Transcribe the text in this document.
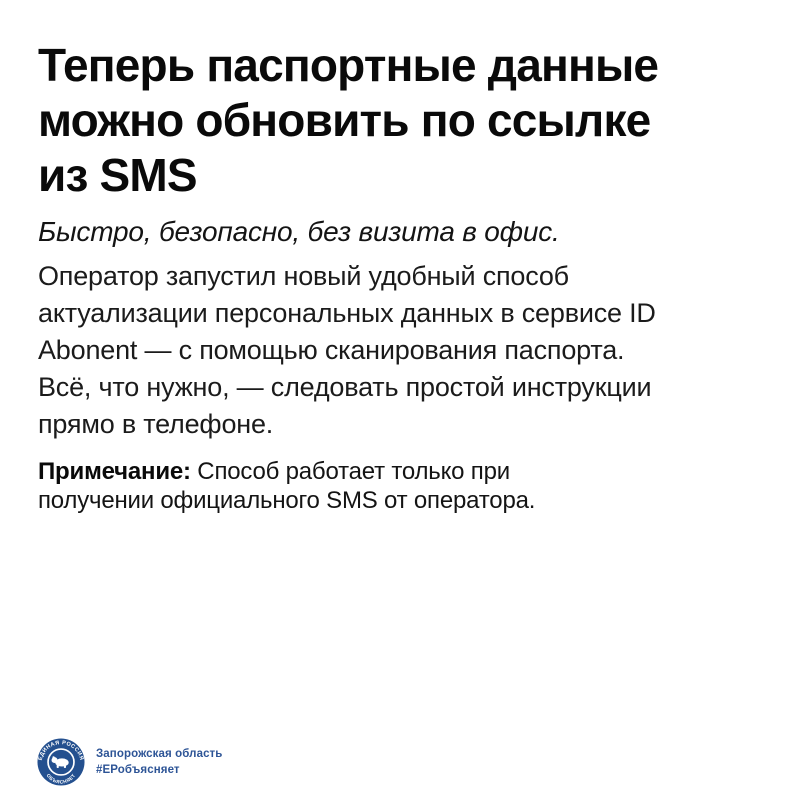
Теперь паспортные данные
можно обновить по ссылке
из SMS

Быстро, безопасно, без визита в офис.

Оператор запустил новый удобный способ
актуализации персональных данных в сервисе ID
Abonent — с помощью сканирования паспорта.
Всё, что нужно, — следовать простой инструкции
прямо в телефоне.
Примечание: Способ работает только при
получении официального SMS от оператора.
ЕДИНАЯ РОССИЯ
ОБЪЯСНЯЕТ
Запорожская область
#ЕРобъясняет
